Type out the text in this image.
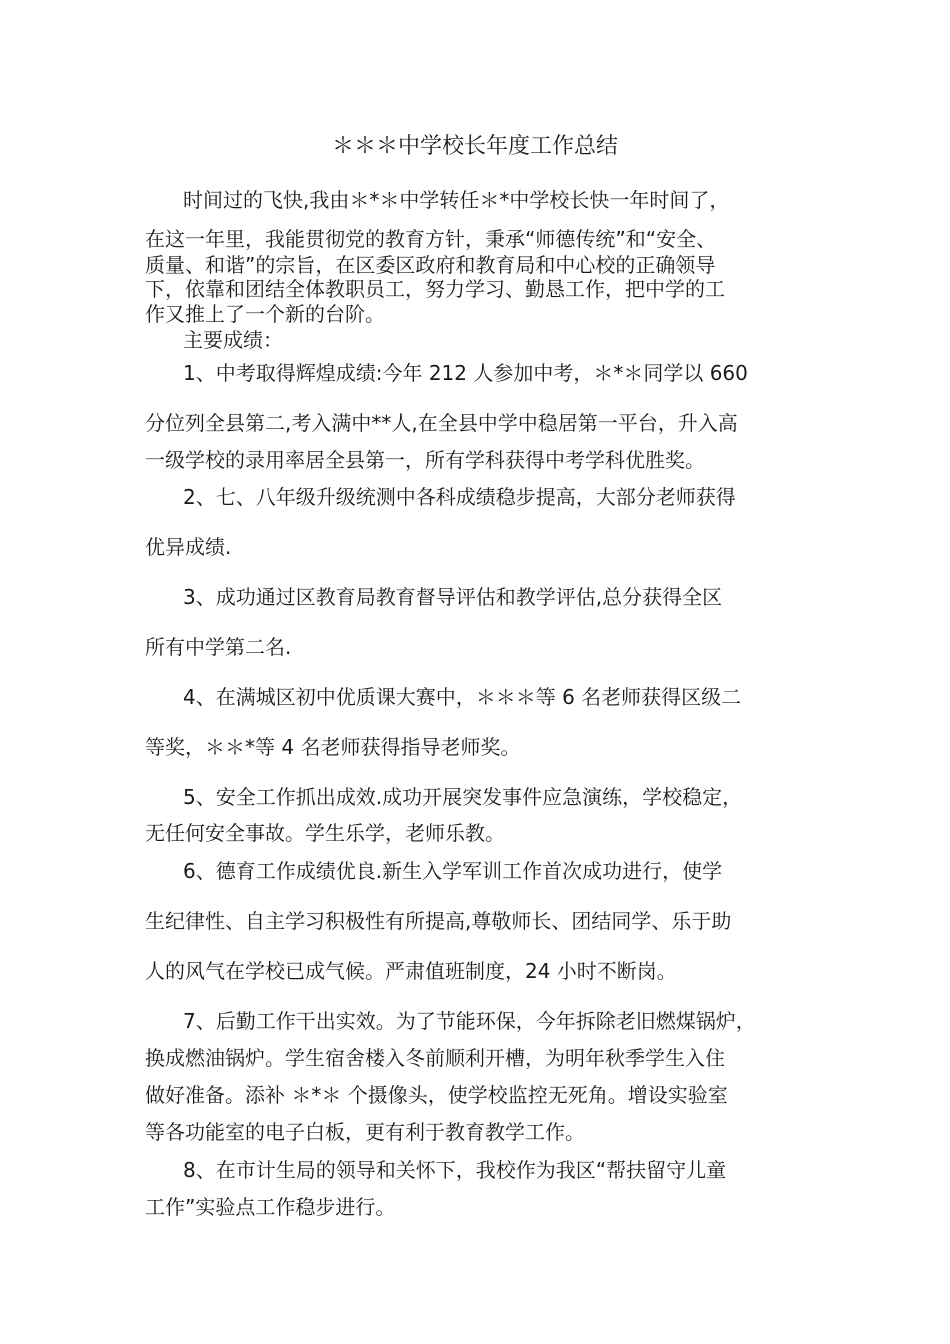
＊＊＊中学校长年度工作总结
时间过的飞快,我由＊*＊中学转任＊*中学校长快一年时间了，
在这一年里，我能贯彻党的教育方针，秉承“师德传统”和“安全、
质量、和谐”的宗旨，在区委区政府和教育局和中心校的正确领导
下，依靠和团结全体教职员工，努力学习、勤恳工作，把中学的工
作又推上了一个新的台阶。
主要成绩：
1、中考取得辉煌成绩:今年 212 人参加中考，＊*＊同学以 660
分位列全县第二,考入满中**人,在全县中学中稳居第一平台，升入高
一级学校的录用率居全县第一，所有学科获得中考学科优胜奖。
2、七、八年级升级统测中各科成绩稳步提高，大部分老师获得
优异成绩.
3、成功通过区教育局教育督导评估和教学评估,总分获得全区
所有中学第二名.
4、在满城区初中优质课大赛中，＊＊＊等 6 名老师获得区级二
等奖，＊＊*等 4 名老师获得指导老师奖。
5、安全工作抓出成效.成功开展突发事件应急演练，学校稳定，
无任何安全事故。学生乐学，老师乐教。
6、德育工作成绩优良.新生入学军训工作首次成功进行，使学
生纪律性、自主学习积极性有所提高,尊敬师长、团结同学、乐于助
人的风气在学校已成气候。严肃值班制度，24 小时不断岗。
7、后勤工作干出实效。为了节能环保，今年拆除老旧燃煤锅炉，
换成燃油锅炉。学生宿舍楼入冬前顺利开槽，为明年秋季学生入住
做好准备。添补 ＊*＊ 个摄像头，使学校监控无死角。增设实验室
等各功能室的电子白板，更有利于教育教学工作。
8、在市计生局的领导和关怀下，我校作为我区“帮扶留守儿童
工作”实验点工作稳步进行。
